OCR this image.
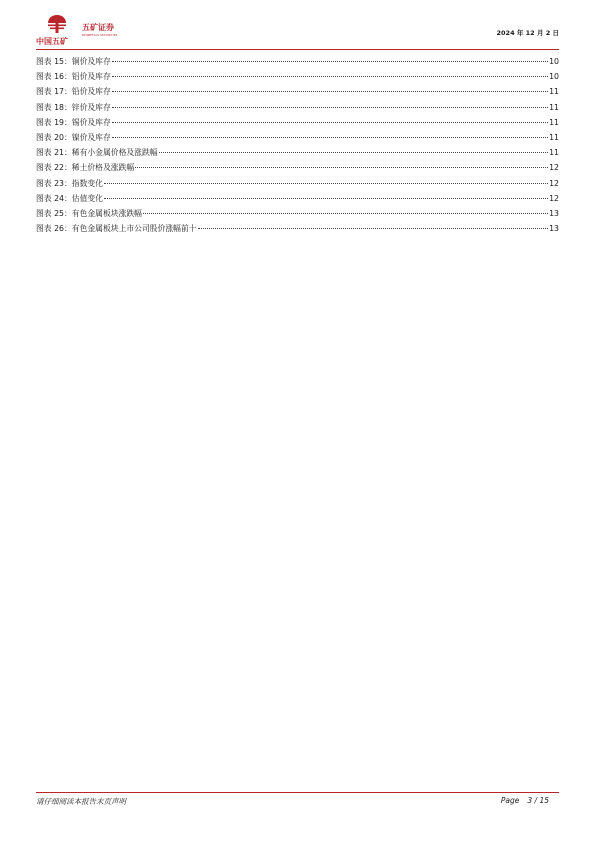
中国五矿
五矿证券
MINMETALS SECURITIES	2024 年 12 月 2 日
图表 15：铜价及库存	10
图表 16：铝价及库存	10
图表 17：铅价及库存	11
图表 18：锌价及库存	11
图表 19：锡价及库存	11
图表 20：镍价及库存	11
图表 21：稀有小金属价格及涨跌幅	11
图表 22：稀土价格及涨跌幅	12
图表 23：指数变化	12
图表 24：估值变化	12
图表 25：有色金属板块涨跌幅	13
图表 26：有色金属板块上市公司股价涨幅前十	13
请仔细阅读本报告末页声明	Page 3 / 15
